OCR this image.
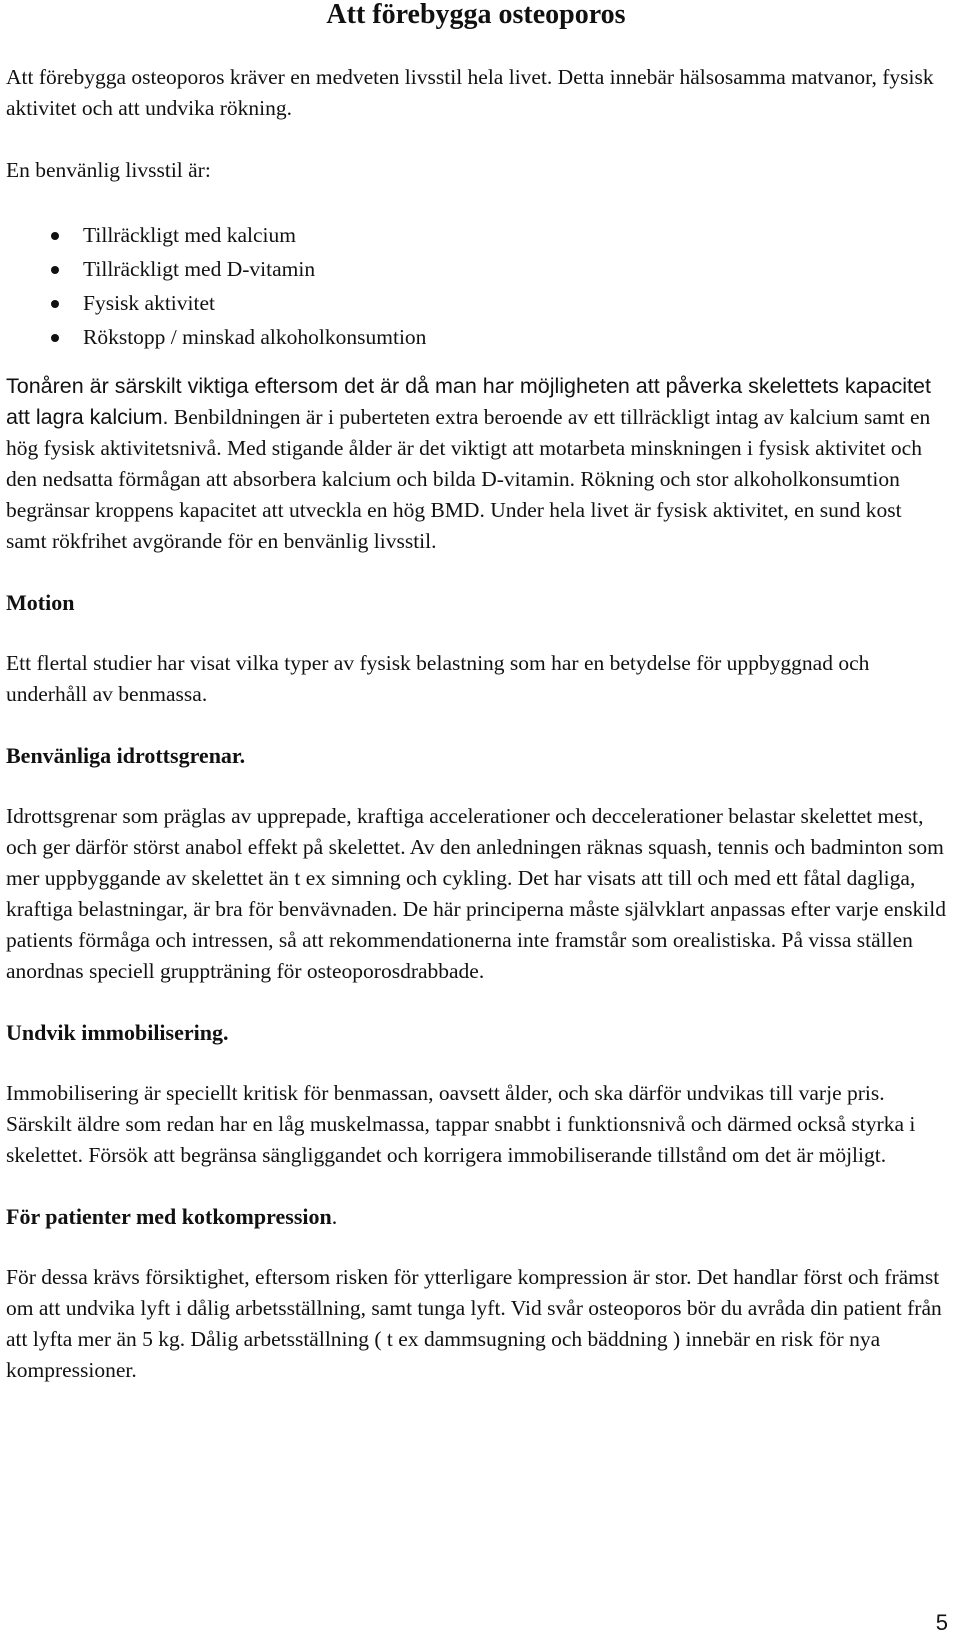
Att förebygga osteoporos

Att förebygga osteoporos kräver en medveten livsstil hela livet. Detta innebär hälsosamma matvanor, fysisk aktivitet och att undvika rökning.

En benvänlig livsstil är:

Tillräckligt med kalcium
Tillräckligt med D-vitamin
Fysisk aktivitet
Rökstopp / minskad alkoholkonsumtion

Tonåren är särskilt viktiga eftersom det är då man har möjligheten att påverka skelettets kapacitet att lagra kalcium. Benbildningen är i puberteten extra beroende av ett tillräckligt intag av kalcium samt en hög fysisk aktivitetsnivå. Med stigande ålder är det viktigt att motarbeta minskningen i fysisk aktivitet och den nedsatta förmågan att absorbera kalcium och bilda D-vitamin. Rökning och stor alkoholkonsumtion begränsar kroppens kapacitet att utveckla en hög BMD. Under hela livet är fysisk aktivitet, en sund kost samt rökfrihet avgörande för en benvänlig livsstil.

Motion

Ett flertal studier har visat vilka typer av fysisk belastning som har en betydelse för uppbyggnad och underhåll av benmassa.

Benvänliga idrottsgrenar.

Idrottsgrenar som präglas av upprepade, kraftiga accelerationer och deccelerationer belastar skelettet mest, och ger därför störst anabol effekt på skelettet. Av den anledningen räknas squash, tennis och badminton som mer uppbyggande av skelettet än t ex simning och cykling. Det har visats att till och med ett fåtal dagliga, kraftiga belastningar, är bra för benvävnaden. De här principerna måste självklart anpassas efter varje enskild patients förmåga och intressen, så att rekommendationerna inte framstår som orealistiska. På vissa ställen anordnas speciell gruppträning för osteoporosdrabbade.

Undvik immobilisering.

Immobilisering är speciellt kritisk för benmassan, oavsett ålder, och ska därför undvikas till varje pris. Särskilt äldre som redan har en låg muskelmassa, tappar snabbt i funktionsnivå och därmed också styrka i skelettet. Försök att begränsa sängliggandet och korrigera immobiliserande tillstånd om det är möjligt.

För patienter med kotkompression.

För dessa krävs försiktighet, eftersom risken för ytterligare kompression är stor. Det handlar först och främst om att undvika lyft i dålig arbetsställning, samt tunga lyft. Vid svår osteoporos bör du avråda din patient från att lyfta mer än 5 kg. Dålig arbetsställning ( t ex dammsugning och bäddning ) innebär en risk för nya kompressioner.

5
